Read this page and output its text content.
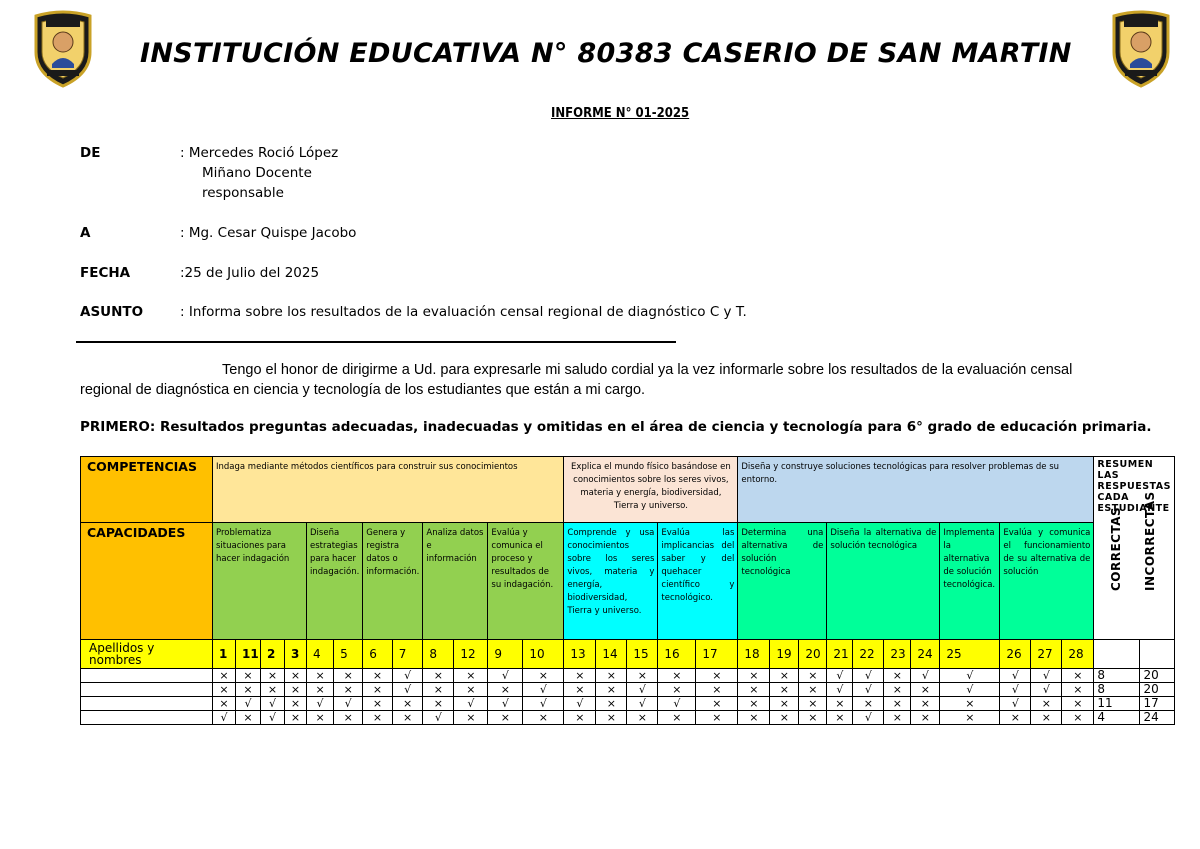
INSTITUCIÓN EDUCATIVA N° 80383 CASERIO DE SAN MARTIN
INFORME N° 01-2025
DE	: Mercedes Roció López
Miñano Docente
responsable
A	: Mg. Cesar Quispe Jacobo
FECHA	:25 de Julio del 2025
ASUNTO	: Informa sobre los resultados de la evaluación censal regional de diagnóstico C y T.
Tengo el honor de dirigirme a Ud. para expresarle mi saludo cordial ya la vez informarle sobre los resultados de la evaluación censal
regional de diagnóstica en ciencia y tecnología de los estudiantes que están a mi cargo.
PRIMERO: Resultados preguntas adecuadas, inadecuadas y omitidas en el área de ciencia y tecnología para 6° grado de educación primaria.
COMPETENCIAS	Indaga mediante métodos científicos para construir sus conocimientos												Explica el mundo físico basándose en conocimientos sobre los seres vivos, materia y energía, biodiversidad, Tierra y universo.					Diseña y construye soluciones tecnológicas para resolver problemas de su entorno.											RESUMEN LAS RESPUESTAS CADA ESTUDIANTE
CORRECTAS INCORRECTAS	

CAPACIDADES	Problematiza situaciones para hacer indagación				Diseña estrategias para hacer indagación.		Genera y registra datos o información.		Analiza datos e información		Evalúa y comunica el proceso y resultados de su indagación.		Comprende y usa conocimientos sobre los seres vivos, materia y energía, biodiversidad, Tierra y universo.			Evalúa las implicancias del saber y del quehacer científico y tecnológico.		Determina una alternativa de solución tecnológica			Diseña la alternativa de solución tecnológica				Implementa la alternativa de solución tecnológica.	Evalúa y comunica el funcionamiento de su alternativa de solución				
Apellidos y nombres	1	11	2	3	4	5	6	7	8	12	9	10	13	14	15	16	17	18	19	20	21	22	23	24	25	26	27	28		
	×	×	×	×	×	×	×	√	×	×	√	×	×	×	×	×	×	×	×	×	√	√	×	√	√	√	√	×	8	20
	×	×	×	×	×	×	×	√	×	×	×	√	×	×	√	×	×	×	×	×	√	√	×	×	√	√	√	×	8	20
	×	√	√	×	√	√	×	×	×	√	√	√	√	×	√	√	×	×	×	×	×	×	×	×	×	√	×	×	11	17
	√	×	√	×	×	×	×	×	√	×	×	×	×	×	×	×	×	×	×	×	×	√	×	×	×	×	×	×	4	24
